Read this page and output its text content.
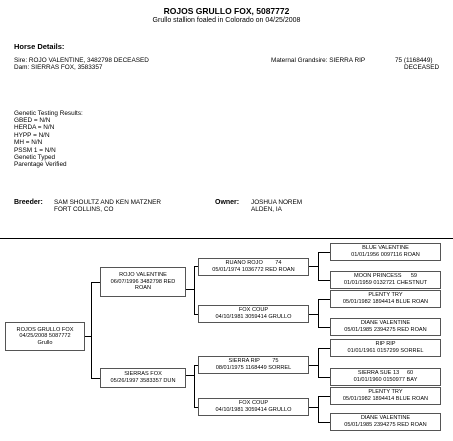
ROJOS GRULLO FOX, 5087772
Grullo stallion foaled in Colorado on 04/25/2008
Horse Details:
Sire: ROJO VALENTINE, 3482798 DECEASED
Dam: SIERRAS FOX, 3583357
Maternal Grandsire: SIERRA RIP	75 (1168449)
DECEASED
Genetic Testing Results:
GBED = N/N
HERDA = N/N
HYPP = N/N
MH = N/N
PSSM 1 = N/N
Genetic Typed
Parentage Verified
Breeder: SAM SHOULTZ AND KEN MATZNER
FORT COLLINS, CO
Owner: JOSHUA NOREM
ALDEN, IA
ROJOS GRULLO FOX
04/25/2008 5087772
Grullo
ROJO VALENTINE
06/07/1996 3482798 RED
ROAN
SIERRAS FOX
05/26/1997 3583357 DUN
RUANO ROJO        74
05/01/1974 1036772 RED ROAN
FOX COUP
04/10/1981 3059414 GRULLO
SIERRA RIP        75
08/01/1975 1168449 SORREL
FOX COUP
04/10/1981 3059414 GRULLO
BLUE VALENTINE
01/01/1956 0097116 ROAN
MOON PRINCESS      59
01/01/1959 0132721 CHESTNUT
PLENTY TRY
05/01/1982 1894414 BLUE ROAN
DIANE VALENTINE
05/01/1985 2394275 RED ROAN
RIP RIP
01/01/1961 0157299 SORREL
SIERRA SUE 13     60
01/01/1960 0150977 BAY
PLENTY TRY
05/01/1982 1894414 BLUE ROAN
DIANE VALENTINE
05/01/1985 2394275 RED ROAN
